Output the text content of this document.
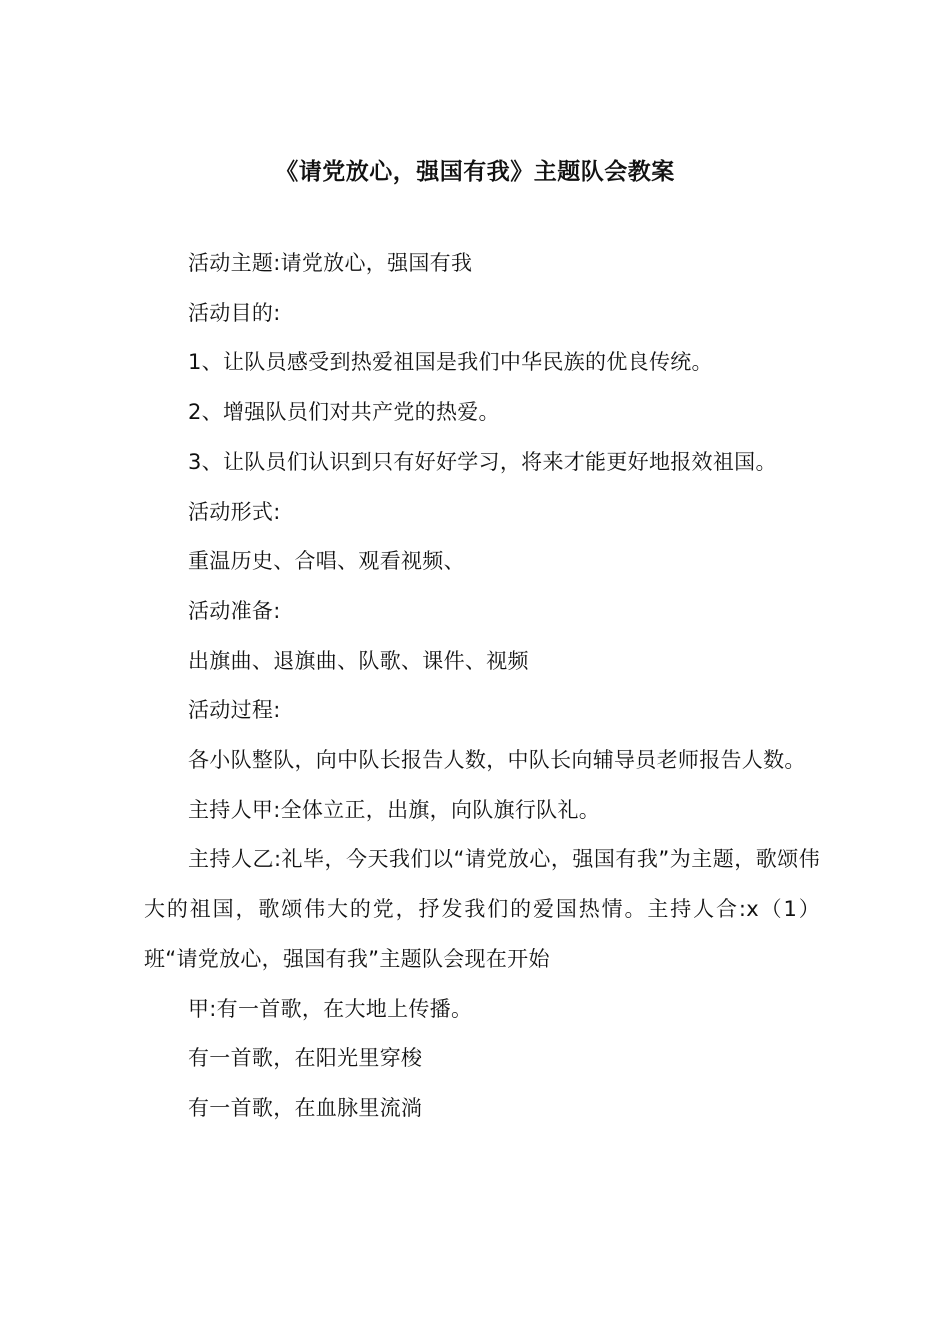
《请党放心，强国有我》主题队会教案

活动主题:请党放心，强国有我

活动目的:

1、让队员感受到热爱祖国是我们中华民族的优良传统。

2、增强队员们对共产党的热爱。

3、让队员们认识到只有好好学习，将来才能更好地报效祖国。

活动形式:

重温历史、合唱、观看视频、

活动准备:

出旗曲、退旗曲、队歌、课件、视频

活动过程:

各小队整队，向中队长报告人数，中队长向辅导员老师报告人数。

主持人甲:全体立正，出旗，向队旗行队礼。

主持人乙:礼毕，今天我们以“请党放心，强国有我”为主题，歌颂伟大的祖国，歌颂伟大的党，抒发我们的爱国热情。主持人合:x（1）班“请党放心，强国有我”主题队会现在开始

甲:有一首歌，在大地上传播。

有一首歌，在阳光里穿梭

有一首歌，在血脉里流淌
